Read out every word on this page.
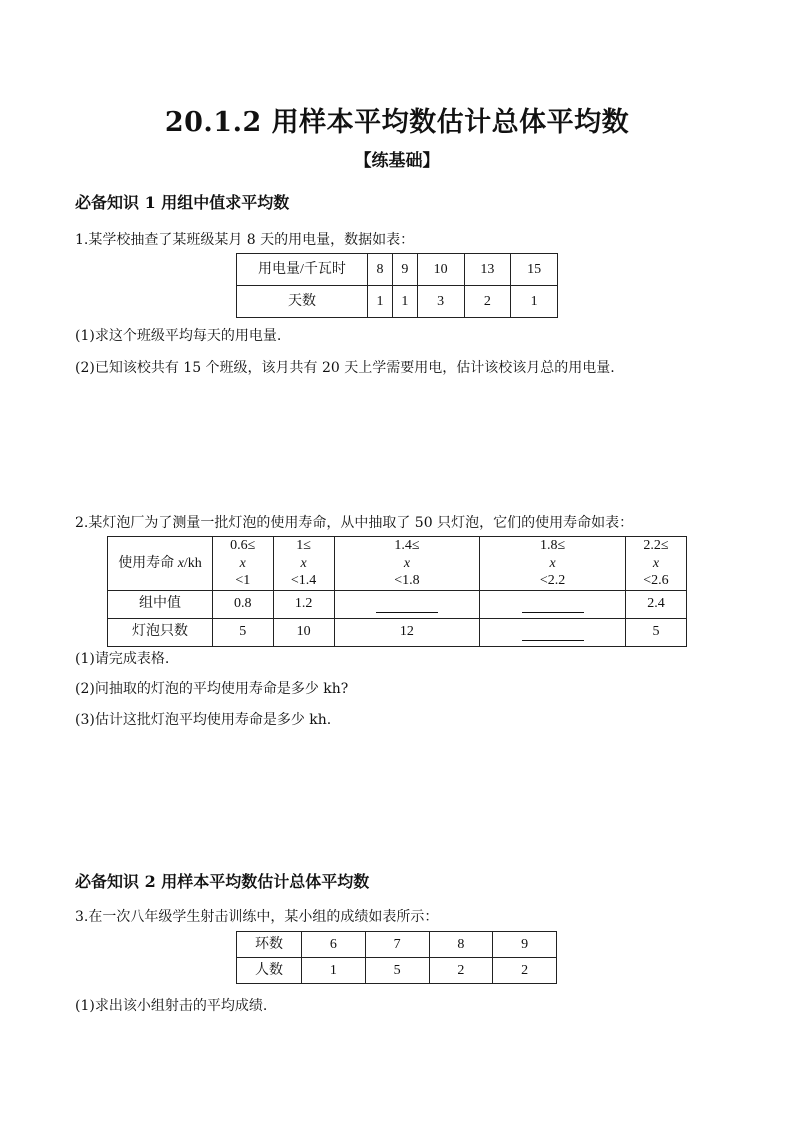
20.1.2 用样本平均数估计总体平均数
【练基础】
必备知识 1 用组中值求平均数
1.某学校抽查了某班级某月 8 天的用电量，数据如表：
用电量/千瓦时	8	9	10	13	15
天数	1	1	3	2	1
(1)求这个班级平均每天的用电量.
(2)已知该校共有 15 个班级，该月共有 20 天上学需要用电，估计该校该月总的用电量.
2.某灯泡厂为了测量一批灯泡的使用寿命，从中抽取了 50 只灯泡，它们的使用寿命如表：
使用寿命 x/kh	0.6≤
x
<1	1≤
x
<1.4	1.4≤
x
<1.8	1.8≤
x
<2.2	2.2≤
x
<2.6

组中值	0.8	1.2			2.4
灯泡只数	5	10	12		5
(1)请完成表格.
(2)问抽取的灯泡的平均使用寿命是多少 kh?
(3)估计这批灯泡平均使用寿命是多少 kh.
必备知识 2 用样本平均数估计总体平均数
3.在一次八年级学生射击训练中，某小组的成绩如表所示：
环数	6	7	8	9
人数	1	5	2	2
(1)求出该小组射击的平均成绩.
